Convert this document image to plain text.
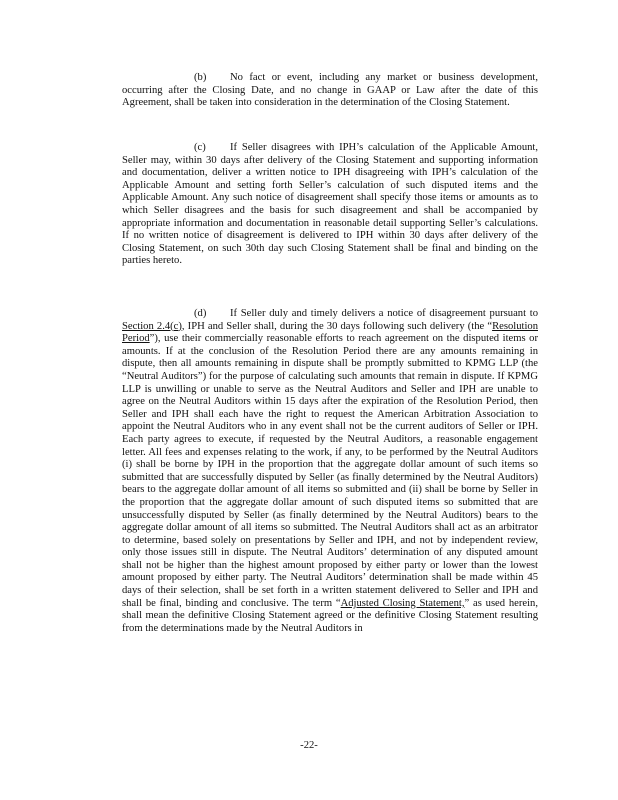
(b) No fact or event, including any market or business development, occurring after the Closing Date, and no change in GAAP or Law after the date of this Agreement, shall be taken into consideration in the determination of the Closing Statement.

(c) If Seller disagrees with IPH’s calculation of the Applicable Amount, Seller may, within 30 days after delivery of the Closing Statement and supporting information and documentation, deliver a written notice to IPH disagreeing with IPH’s calculation of the Applicable Amount and setting forth Seller’s calculation of such disputed items and the Applicable Amount. Any such notice of disagreement shall specify those items or amounts as to which Seller disagrees and the basis for such disagreement and shall be accompanied by appropriate information and documentation in reasonable detail supporting Seller’s calculations. If no written notice of disagreement is delivered to IPH within 30 days after delivery of the Closing Statement, on such 30th day such Closing Statement shall be final and binding on the parties hereto.

(d) If Seller duly and timely delivers a notice of disagreement pursuant to Section 2.4(c), IPH and Seller shall, during the 30 days following such delivery (the “Resolution Period”), use their commercially reasonable efforts to reach agreement on the disputed items or amounts. If at the conclusion of the Resolution Period there are any amounts remaining in dispute, then all amounts remaining in dispute shall be promptly submitted to KPMG LLP (the “Neutral Auditors”) for the purpose of calculating such amounts that remain in dispute. If KPMG LLP is unwilling or unable to serve as the Neutral Auditors and Seller and IPH are unable to agree on the Neutral Auditors within 15 days after the expiration of the Resolution Period, then Seller and IPH shall each have the right to request the American Arbitration Association to appoint the Neutral Auditors who in any event shall not be the current auditors of Seller or IPH. Each party agrees to execute, if requested by the Neutral Auditors, a reasonable engagement letter. All fees and expenses relating to the work, if any, to be performed by the Neutral Auditors (i) shall be borne by IPH in the proportion that the aggregate dollar amount of such items so submitted that are successfully disputed by Seller (as finally determined by the Neutral Auditors) bears to the aggregate dollar amount of all items so submitted and (ii) shall be borne by Seller in the proportion that the aggregate dollar amount of such disputed items so submitted that are unsuccessfully disputed by Seller (as finally determined by the Neutral Auditors) bears to the aggregate dollar amount of all items so submitted. The Neutral Auditors shall act as an arbitrator to determine, based solely on presentations by Seller and IPH, and not by independent review, only those issues still in dispute. The Neutral Auditors’ determination of any disputed amount shall not be higher than the highest amount proposed by either party or lower than the lowest amount proposed by either party. The Neutral Auditors’ determination shall be made within 45 days of their selection, shall be set forth in a written statement delivered to Seller and IPH and shall be final, binding and conclusive. The term “Adjusted Closing Statement,” as used herein, shall mean the definitive Closing Statement agreed or the definitive Closing Statement resulting from the determinations made by the Neutral Auditors in

-22-
